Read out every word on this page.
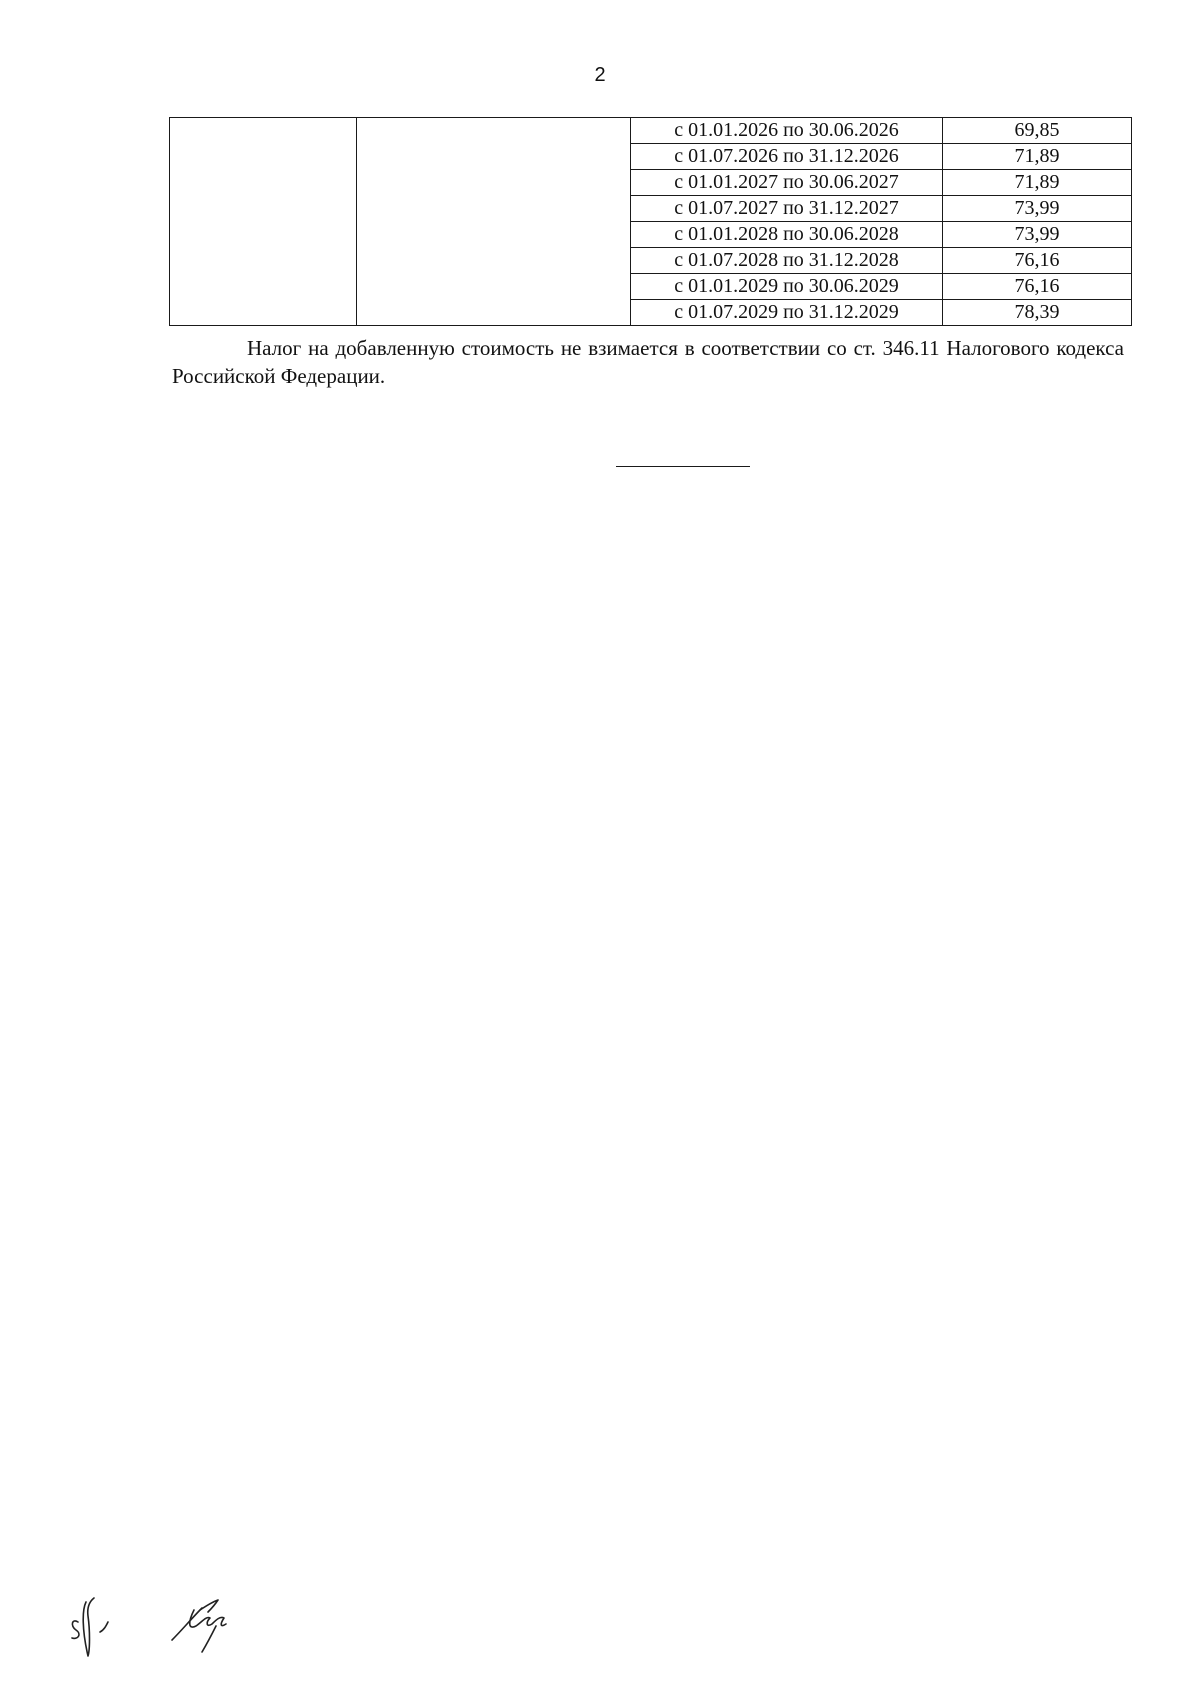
2
		с 01.01.2026 по 30.06.2026	69,85
		с 01.07.2026 по 31.12.2026	71,89
		с 01.01.2027 по 30.06.2027	71,89
		с 01.07.2027 по 31.12.2027	73,99
		с 01.01.2028 по 30.06.2028	73,99
		с 01.07.2028 по 31.12.2028	76,16
		с 01.01.2029 по 30.06.2029	76,16
		с 01.07.2029 по 31.12.2029	78,39

Налог на добавленную стоимость не взимается в соответствии со ст. 346.11 Налогового кодекса Российской Федерации.
